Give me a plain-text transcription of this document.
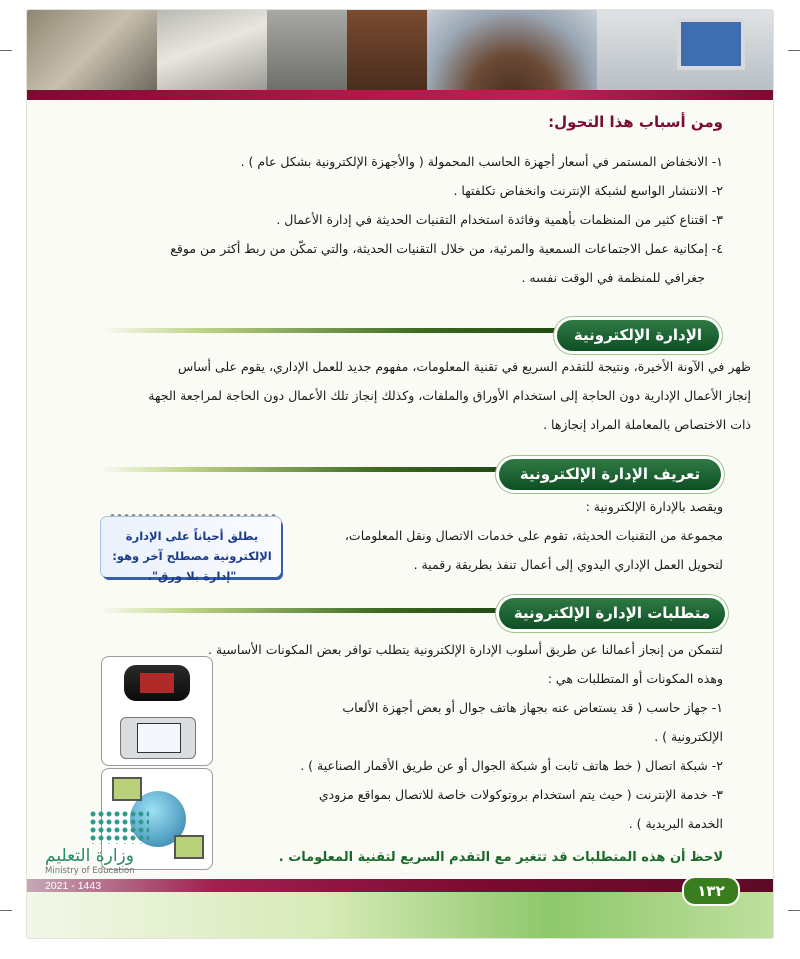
ومن أسباب هذا التحول:

١- الانخفاض المستمر في أسعار أجهزة الحاسب المحمولة ( والأجهزة الإلكترونية بشكل عام ) .

٢- الانتشار الواسع لشبكة الإنترنت وانخفاض تكلفتها .

٣- اقتناع كثير من المنظمات بأهمية وفائدة استخدام التقنيات الحديثة في إدارة الأعمال .

٤- إمكانية عمل الاجتماعات السمعية والمرئية، من خلال التقنيات الحديثة، والتي تمكّن من ربط أكثر من موقع

جغرافي للمنظمة في الوقت نفسه .

الإدارة الإلكترونية

ظهر في الآونة الأخيرة، ونتيجة للتقدم السريع في تقنية المعلومات، مفهوم جديد للعمل الإداري، يقوم على أساس

إنجاز الأعمال الإدارية دون الحاجة إلى استخدام الأوراق والملفات، وكذلك إنجاز تلك الأعمال دون الحاجة لمراجعة الجهة

ذات الاختصاص بالمعاملة المراد إنجازها .

تعريف الإدارة الإلكترونية

ويقصد بالإدارة الإلكترونية :

مجموعة من التقنيات الحديثة، تقوم على خدمات الاتصال ونقل المعلومات،

لتحويل العمل الإداري اليدوي إلى أعمال تنفذ بطريقة رقمية .

يطلق أحياناً على الإدارة الإلكترونية مصطلح آخر وهو: "إدارة بلا ورق".
متطلبات الإدارة الإلكترونية

لتتمكن من إنجاز أعمالنا عن طريق أسلوب الإدارة الإلكترونية يتطلب توافر بعض المكونات الأساسية .

وهذه المكونات أو المتطلبات هي :

١- جهاز حاسب ( قد يستعاض عنه بجهاز هاتف جوال أو بعض أجهزة الألعاب

الإلكترونية ) .

٢- شبكة اتصال ( خط هاتف ثابت أو شبكة الجوال أو عن طريق الأقمار الصناعية ) .

٣- خدمة الإنترنت ( حيث يتم استخدام بروتوكولات خاصة للاتصال بمواقع مزودي

الخدمة البريدية ) .

لاحظ أن هذه المتطلبات قد تتغير مع التقدم السريع لتقنية المعلومات .
١٣٢
وزارة التعليم
Ministry of Education
2021 - 1443
